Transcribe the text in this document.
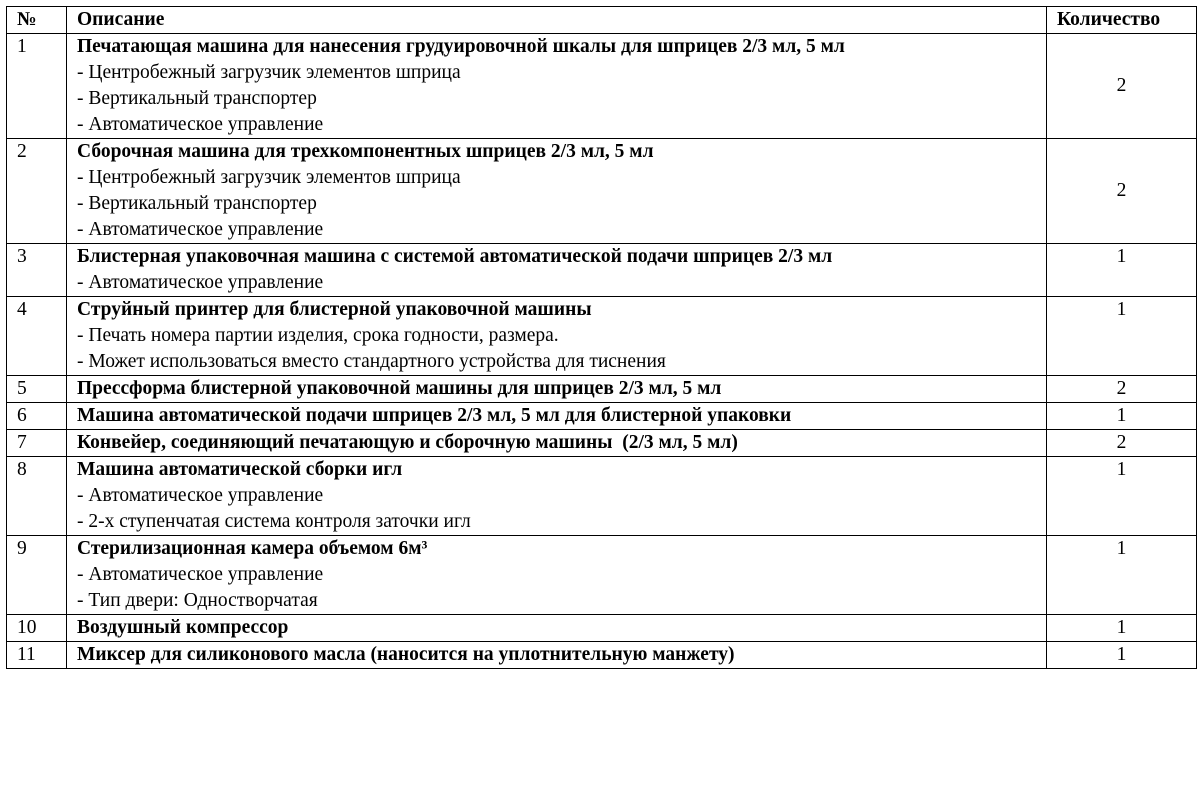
№	Описание	Количество
1	Печатающая машина для нанесения грудуировочной шкалы для шприцев 2/3 мл, 5 мл
- Центробежный загрузчик элементов шприца
- Вертикальный транспортер
- Автоматическое управление	2
2	Сборочная машина для трехкомпонентных шприцев 2/3 мл, 5 мл
- Центробежный загрузчик элементов шприца
- Вертикальный транспортер
- Автоматическое управление	2
3	Блистерная упаковочная машина с системой автоматической подачи шприцев 2/3 мл
- Автоматическое управление	1
4	Струйный принтер для блистерной упаковочной машины
- Печать номера партии изделия, срока годности, размера.
- Может использоваться вместо стандартного устройства для тиснения	1
5	Прессформа блистерной упаковочной машины для шприцев 2/3 мл, 5 мл	2
6	Машина автоматической подачи шприцев 2/3 мл, 5 мл для блистерной упаковки	1
7	Конвейер, соединяющий печатающую и сборочную машины  (2/3 мл, 5 мл)	2
8	Машина автоматической сборки игл
- Автоматическое управление
- 2-х ступенчатая система контроля заточки игл	1
9	Стерилизационная камера объемом 6м³
- Автоматическое управление
- Тип двери: Одностворчатая	1
10	Воздушный компрессор	1
11	Миксер для силиконового масла (наносится на уплотнительную манжету)	1
